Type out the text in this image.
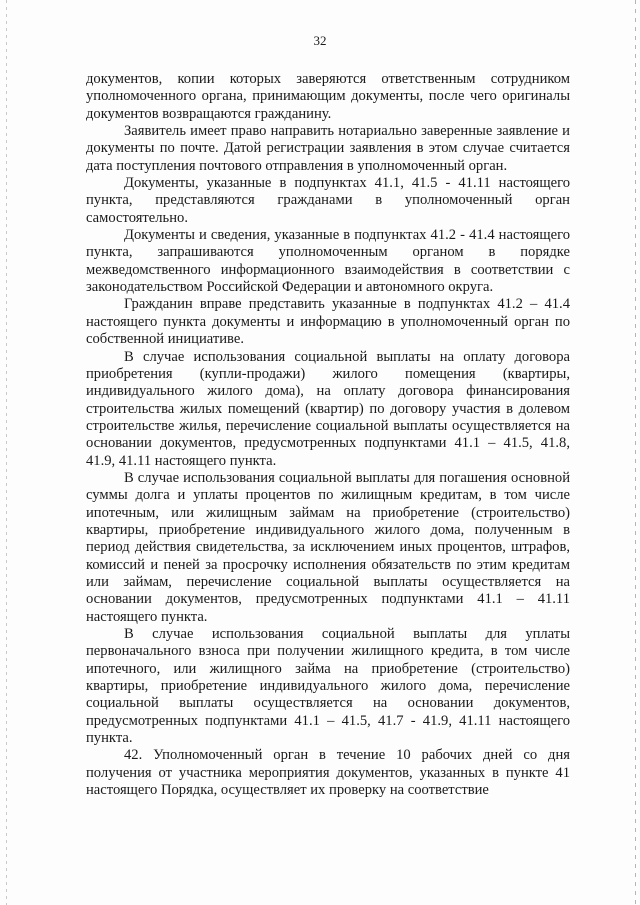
32

документов, копии которых заверяются ответственным сотрудником уполномоченного органа, принимающим документы, после чего оригиналы документов возвращаются гражданину.

Заявитель имеет право направить нотариально заверенные заявление и документы по почте. Датой регистрации заявления в этом случае считается дата поступления почтового отправления в уполномоченный орган.

Документы, указанные в подпунктах 41.1, 41.5 - 41.11 настоящего пункта, представляются гражданами в уполномоченный орган самостоятельно.

Документы и сведения, указанные в подпунктах 41.2 - 41.4 настоящего пункта, запрашиваются уполномоченным органом в порядке межведомственного информационного взаимодействия в соответствии с законодательством Российской Федерации и автономного округа.

Гражданин вправе представить указанные в подпунктах 41.2 – 41.4 настоящего пункта документы и информацию в уполномоченный орган по собственной инициативе.

В случае использования социальной выплаты на оплату договора приобретения (купли-продажи) жилого помещения (квартиры, индивидуального жилого дома), на оплату договора финансирования строительства жилых помещений (квартир) по договору участия в долевом строительстве жилья, перечисление социальной выплаты осуществляется на основании документов, предусмотренных подпунктами 41.1 – 41.5, 41.8, 41.9, 41.11 настоящего пункта.

В случае использования социальной выплаты для погашения основной суммы долга и уплаты процентов по жилищным кредитам, в том числе ипотечным, или жилищным займам на приобретение (строительство) квартиры, приобретение индивидуального жилого дома, полученным в период действия свидетельства, за исключением иных процентов, штрафов, комиссий и пеней за просрочку исполнения обязательств по этим кредитам или займам, перечисление социальной выплаты осуществляется на основании документов, предусмотренных подпунктами 41.1 – 41.11 настоящего пункта.

В случае использования социальной выплаты для уплаты первоначального взноса при получении жилищного кредита, в том числе ипотечного, или жилищного займа на приобретение (строительство) квартиры, приобретение индивидуального жилого дома, перечисление социальной выплаты осуществляется на основании документов, предусмотренных подпунктами 41.1 – 41.5, 41.7 - 41.9, 41.11 настоящего пункта.

42. Уполномоченный орган в течение 10 рабочих дней со дня получения от участника мероприятия документов, указанных в пункте 41 настоящего Порядка, осуществляет их проверку на соответствие
